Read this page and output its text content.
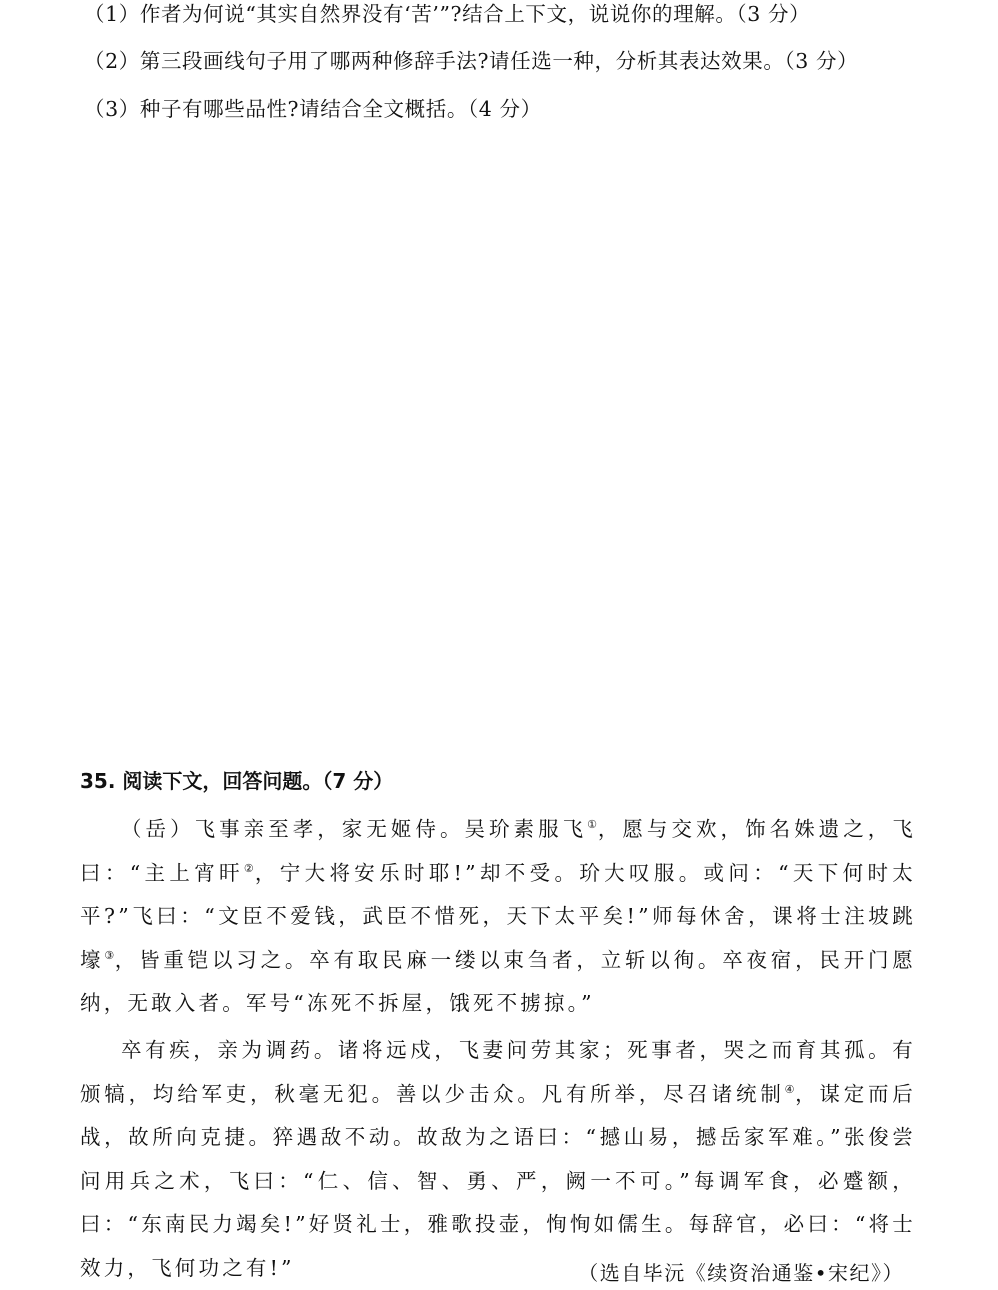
（1）作者为何说“其实自然界没有‘苦’”?结合上下文，说说你的理解。（3 分）
（2）第三段画线句子用了哪两种修辞手法?请任选一种，分析其表达效果。（3 分）
（3）种子有哪些品性?请结合全文概括。（4 分）
35. 阅读下文，回答问题。（7 分）
（岳）飞事亲至孝，家无姬侍。吴玠素服飞①，愿与交欢，饰名姝遗之，飞曰：“主上宵旰②，宁大将安乐时耶!”却不受。玠大叹服。或问：“天下何时太平?”飞曰：“文臣不爱钱，武臣不惜死，天下太平矣!”师每休舍，课将士注坡跳壕③，皆重铠以习之。卒有取民麻一缕以束刍者，立斩以徇。卒夜宿，民开门愿纳，无敢入者。军号“冻死不拆屋，饿死不掳掠。”
卒有疾，亲为调药。诸将远戍，飞妻问劳其家；死事者，哭之而育其孤。有颁犒，均给军吏，秋毫无犯。善以少击众。凡有所举，尽召诸统制④，谋定而后战，故所向克捷。猝遇敌不动。故敌为之语曰：“撼山易，撼岳家军难。”张俊尝问用兵之术，飞曰：“仁、信、智、勇、严，阙一不可。”每调军食，必蹙额，曰：“东南民力竭矣!”好贤礼士，雅歌投壶，恂恂如儒生。每辞官，必曰：“将士效力，飞何功之有!”	（选自毕沅《续资治通鉴•宋纪》）
